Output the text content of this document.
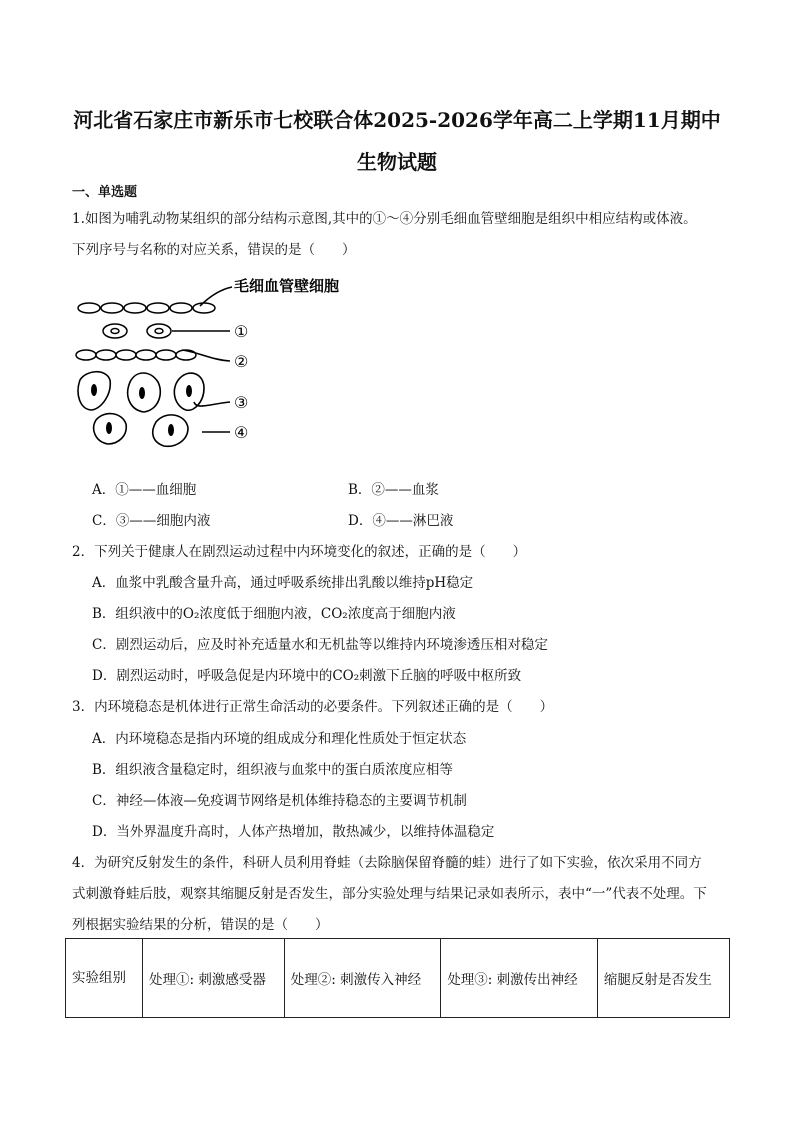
河北省石家庄市新乐市七校联合体2025-2026学年高二上学期11月期中
生物试题
一、单选题
1.如图为哺乳动物某组织的部分结构示意图,其中的①～④分别毛细血管壁细胞是组织中相应结构或体液。
下列序号与名称的对应关系，错误的是（　　）
毛细血管壁细胞
①
②
③
④
A．①——血细胞	B．②——血浆
C．③——细胞内液	D．④——淋巴液
2．下列关于健康人在剧烈运动过程中内环境变化的叙述，正确的是（　　）
A．血浆中乳酸含量升高，通过呼吸系统排出乳酸以维持pH稳定
B．组织液中的O₂浓度低于细胞内液，CO₂浓度高于细胞内液
C．剧烈运动后，应及时补充适量水和无机盐等以维持内环境渗透压相对稳定
D．剧烈运动时，呼吸急促是内环境中的CO₂刺激下丘脑的呼吸中枢所致
3．内环境稳态是机体进行正常生命活动的必要条件。下列叙述正确的是（　　）
A．内环境稳态是指内环境的组成成分和理化性质处于恒定状态
B．组织液含量稳定时，组织液与血浆中的蛋白质浓度应相等
C．神经—体液—免疫调节网络是机体维持稳态的主要调节机制
D．当外界温度升高时，人体产热增加，散热减少，以维持体温稳定
4．为研究反射发生的条件，科研人员利用脊蛙（去除脑保留脊髓的蛙）进行了如下实验，依次采用不同方
式刺激脊蛙后肢，观察其缩腿反射是否发生，部分实验处理与结果记录如表所示，表中“一”代表不处理。下
列根据实验结果的分析，错误的是（　　）
实验组别	处理①: 刺激感受器	处理②: 刺激传入神经	处理③: 刺激传出神经	缩腿反射是否发生
